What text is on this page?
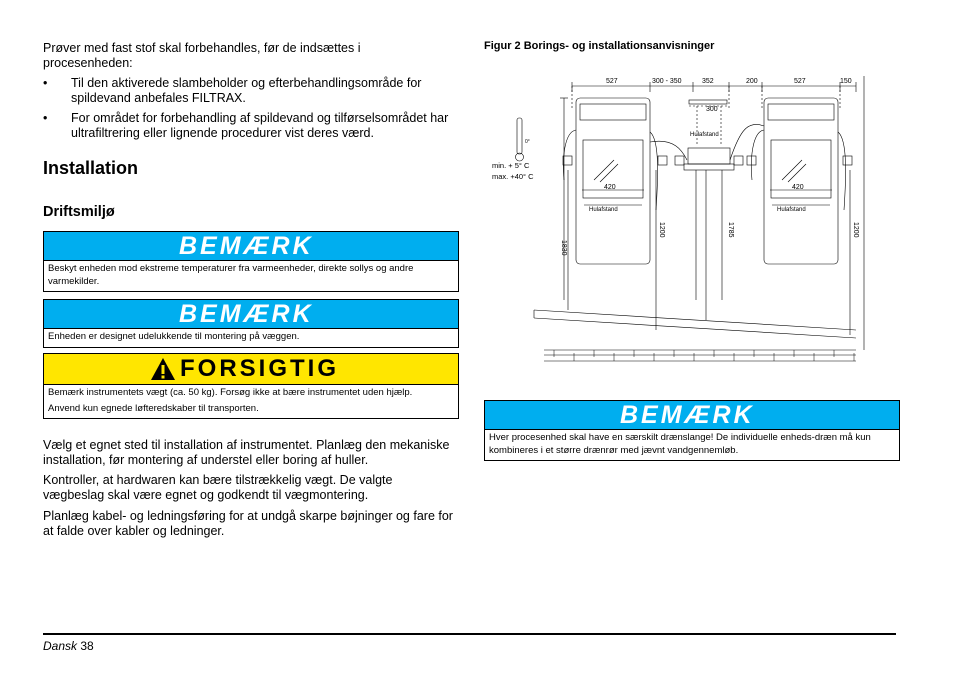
Prøver med fast stof skal forbehandles, før de indsættes i procesenheden:
• Til den aktiverede slambeholder og efterbehandlingsområde for spildevand anbefales FILTRAX.
• For området for forbehandling af spildevand og tilførselsområdet har ultrafiltrering eller lignende procedurer vist deres værd.
Installation
Driftsmiljø
BEMÆRK
Beskyt enheden mod ekstreme temperaturer fra varmeenheder, direkte sollys og andre varmekilder.
BEMÆRK
Enheden er designet udelukkende til montering på væggen.
FORSIGTIG
Bemærk instrumentets vægt (ca. 50 kg). Forsøg ikke at bære instrumentet uden hjælp.
Anvend kun egnede løfteredskaber til transporten.
Vælg et egnet sted til installation af instrumentet. Planlæg den mekaniske installation, før montering af understel eller boring af huller.
Kontroller, at hardwaren kan bære tilstrækkelig vægt. De valgte vægbeslag skal være egnet og godkendt til vægmontering.
Planlæg kabel- og ledningsføring for at undgå skarpe bøjninger og fare for at falde over kabler og ledninger.
Figur 2 Borings- og installationsanvisninger
527	300 - 350	352	200	527	150
300
Hulafstand
420	420
Hulafstand	Hulafstand
1830
1200	1785	1200
0°
min. + 5° C
max. +40° C
BEMÆRK
Hver procesenhed skal have en særskilt drænslange! De individuelle enheds-dræn må kun kombineres i et større drænrør med jævnt vandgennemløb.
Dansk 38
